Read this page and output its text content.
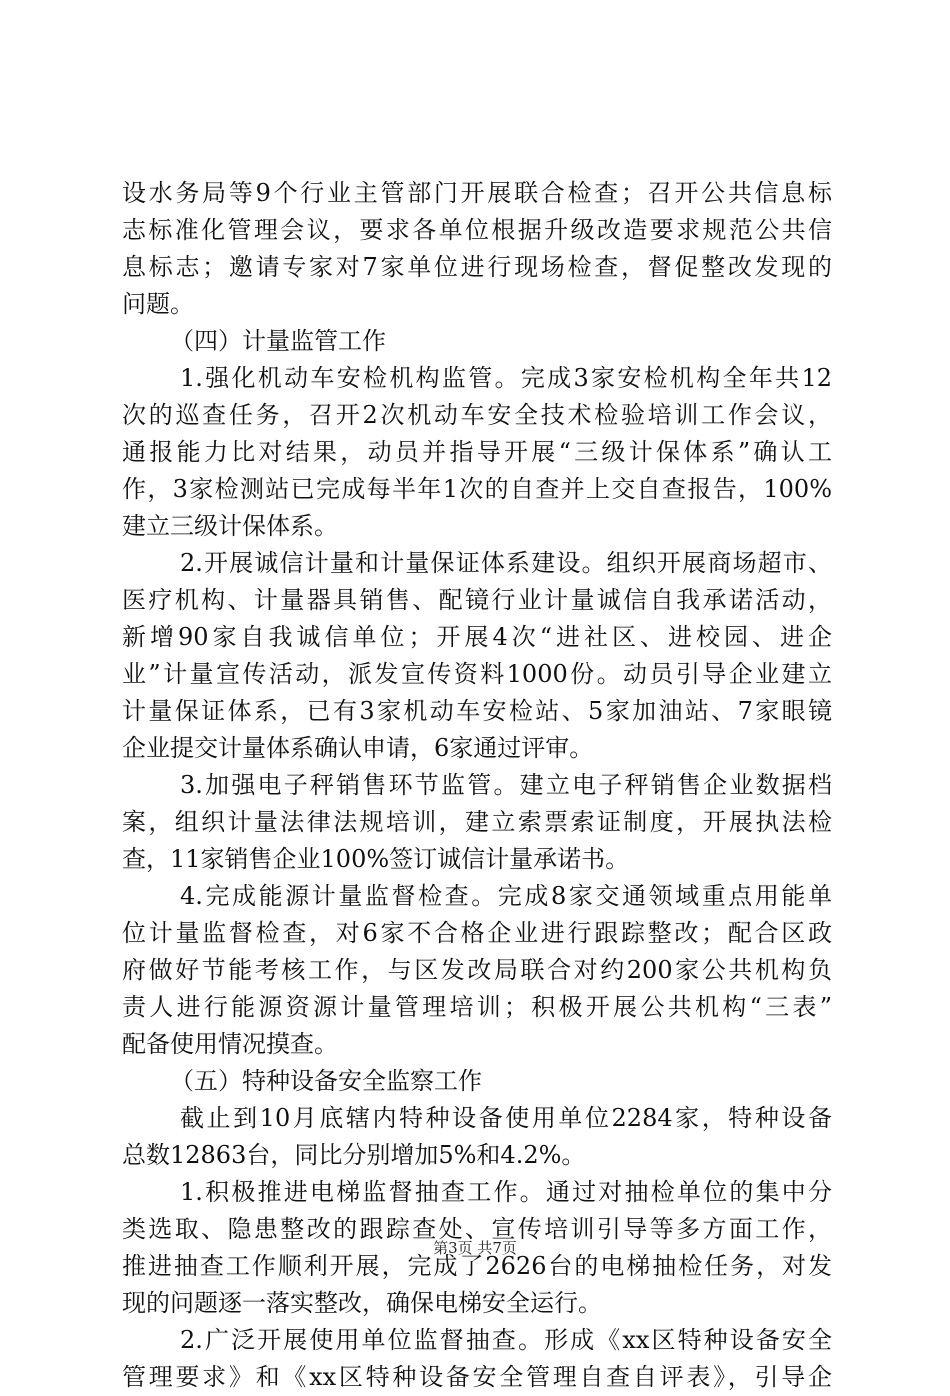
设水务局等9个行业主管部门开展联合检查；召开公共信息标
志标准化管理会议，要求各单位根据升级改造要求规范公共信
息标志；邀请专家对7家单位进行现场检查，督促整改发现的
问题。
（四）计量监管工作
1.强化机动车安检机构监管。完成3家安检机构全年共12
次的巡查任务，召开2次机动车安全技术检验培训工作会议，
通报能力比对结果，动员并指导开展“三级计保体系”确认工
作，3家检测站已完成每半年1次的自查并上交自查报告，100%
建立三级计保体系。
2.开展诚信计量和计量保证体系建设。组织开展商场超市、
医疗机构、计量器具销售、配镜行业计量诚信自我承诺活动，
新增90家自我诚信单位；开展4次“进社区、进校园、进企
业”计量宣传活动，派发宣传资料1000份。动员引导企业建立
计量保证体系，已有3家机动车安检站、5家加油站、7家眼镜
企业提交计量体系确认申请，6家通过评审。
3.加强电子秤销售环节监管。建立电子秤销售企业数据档
案，组织计量法律法规培训，建立索票索证制度，开展执法检
查，11家销售企业100%签订诚信计量承诺书。
4.完成能源计量监督检查。完成8家交通领域重点用能单
位计量监督检查，对6家不合格企业进行跟踪整改；配合区政
府做好节能考核工作，与区发改局联合对约200家公共机构负
责人进行能源资源计量管理培训；积极开展公共机构“三表”
配备使用情况摸查。
（五）特种设备安全监察工作
截止到10月底辖内特种设备使用单位2284家，特种设备
总数12863台，同比分别增加5%和4.2%。
1.积极推进电梯监督抽查工作。通过对抽检单位的集中分
类选取、隐患整改的跟踪查处、宣传培训引导等多方面工作，
推进抽查工作顺利开展，完成了2626台的电梯抽检任务，对发
现的问题逐一落实整改，确保电梯安全运行。
2.广泛开展使用单位监督抽查。形成《xx区特种设备安全
管理要求》和《xx区特种设备安全管理自查自评表》，引导企
第3页 共7页
